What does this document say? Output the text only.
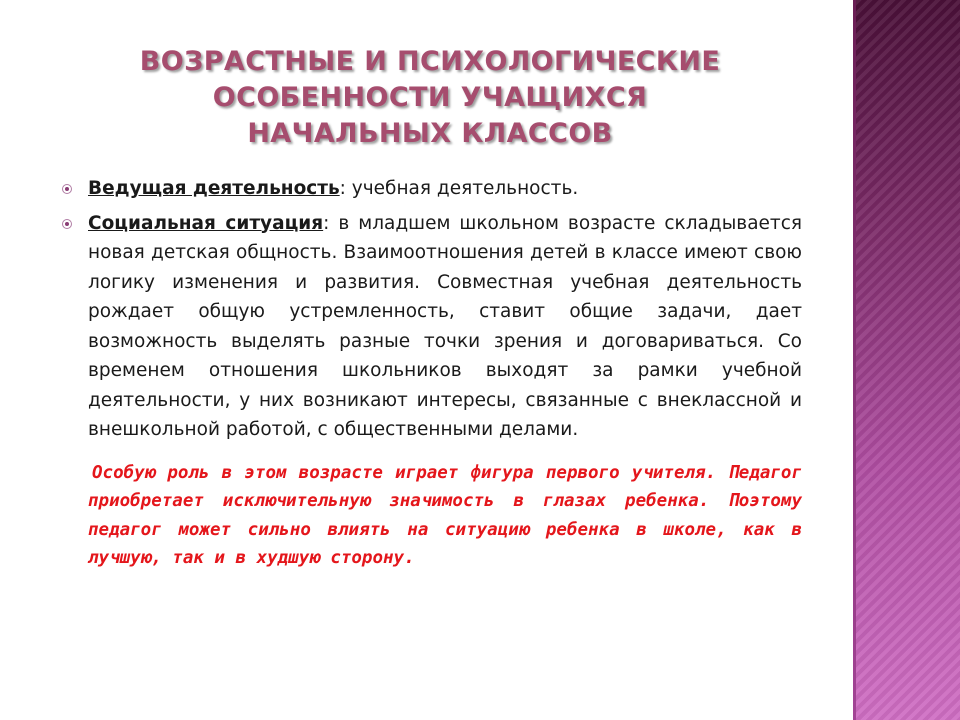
ВОЗРАСТНЫЕ И ПСИХОЛОГИЧЕСКИЕ
ОСОБЕННОСТИ УЧАЩИХСЯ
НАЧАЛЬНЫХ КЛАССОВ
Ведущая деятельность: учебная деятельность.
Социальная ситуация: в младшем школьном возрасте складывается новая детская общность. Взаимоотношения детей в классе имеют свою логику изменения и развития. Совместная учебная деятельность рождает общую устремленность, ставит общие задачи, дает возможность выделять разные точки зрения и договариваться. Со временем отношения школьников выходят за рамки учебной деятельности, у них возникают интересы, связанные с внеклассной и внешкольной работой, с общественными делами.
Особую роль в этом возрасте играет фигура первого учителя. Педагог приобретает исключительную значимость в глазах ребенка. Поэтому педагог может сильно влиять на ситуацию ребенка в школе, как в лучшую, так и в худшую сторону.
